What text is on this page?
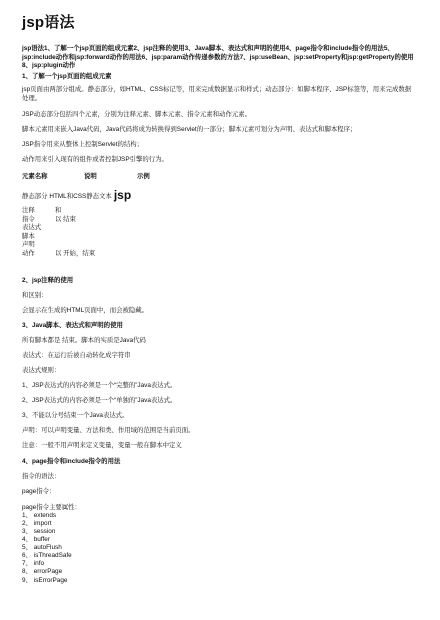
jsp语法
jsp语法1、了解一个jsp页面的组成元素2、jsp注释的使用3、Java脚本、表达式和声明的使用4、page指令和include指令的用法5、jsp:include动作和jsp:forward动作的用法6、jsp:param动作传递参数的方法7、jsp:useBean、jsp:setProperty和jsp:getProperty的使用8、jsp:plugin动作
1、了解一个jsp页面的组成元素
jsp页面由两部分组成。静态部分，如HTML、CSS标记等，用来完成数据显示和样式；动态部分：如脚本程序、JSP标签等，用来完成数据处理。
JSP动态部分包括四个元素，分别为注释元素、脚本元素、指令元素和动作元素。
脚本元素用来嵌入Java代码，Java代码将成为转换得到Servlet的一部分；脚本元素可划分为声明、表达式和脚本程序；
JSP指令用来从整体上控制Servlet的结构；
动作用来引入现有的组件或者控制JSP引擎的行为。
元素名称	说明	示例
静态部分 HTML和CSS静态文本 jsp
注释	和
指令	以 结束
表达式
脚本
声明
动作	以 开始，结束
2、jsp注释的使用
和区别：
会显示在生成的HTML页面中，而会被隐藏。
3、Java脚本、表达式和声明的使用
所有脚本都是 结束。脚本的实质是Java代码
表达式：在运行后被自动转化成字符串
表达式规则：
1、JSP表达式的内容必须是一个“完整的”Java表达式。
2、JSP表达式的内容必须是一个“单独的”Java表达式。
3、不能以分号结束一个Java表达式。
声明：可以声明变量、方法和类、作用域的范围是当前页面。
注意：一般不用声明来定义变量，变量一般在脚本中定义
4、page指令和include指令的用法
指令的语法：
page指令：
page指令主要属性：
1、 extends
2、 import
3、 session
4、 buffer
5、 autoFlush
6、 isThreadSafe
7、 info
8、 errorPage
9、 isErrorPage
